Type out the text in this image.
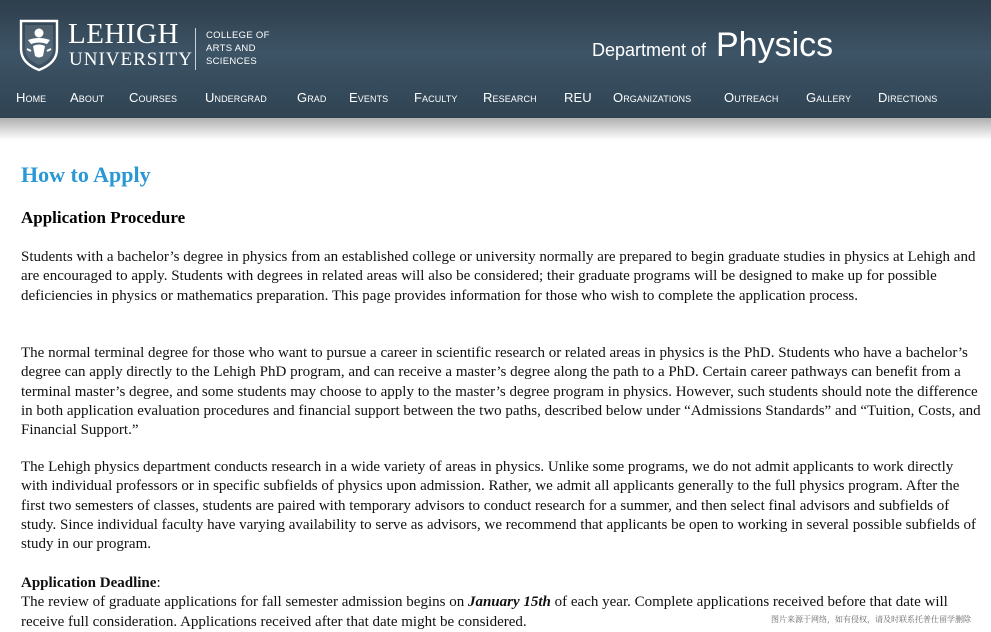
LEHIGH
UNIVERSITY
COLLEGE OF
ARTS AND
SCIENCES
Department of Physics
Home About Courses Undergrad Grad Events Faculty Research REU Organizations	Outreach Gallery Directions
How to Apply
Application Procedure
Students with a bachelor’s degree in physics from an established college or university normally are prepared to begin graduate studies in physics at Lehigh and are encouraged to apply. Students with degrees in related areas will also be considered; their graduate programs will be designed to make up for possible deficiencies in physics or mathematics preparation. This page provides information for those who wish to complete the application process.
The normal terminal degree for those who want to pursue a career in scientific research or related areas in physics is the PhD. Students who have a bachelor’s degree can apply directly to the Lehigh PhD program, and can receive a master’s degree along the path to a PhD. Certain career pathways can benefit from a terminal master’s degree, and some students may choose to apply to the master’s degree program in physics. However, such students should note the difference in both application evaluation procedures and financial support between the two paths, described below under “Admissions Standards” and “Tuition, Costs, and Financial Support.”
The Lehigh physics department conducts research in a wide variety of areas in physics. Unlike some programs, we do not admit applicants to work directly with individual professors or in specific subfields of physics upon admission. Rather, we admit all applicants generally to the full physics program. After the first two semesters of classes, students are paired with temporary advisors to conduct research for a summer, and then select final advisors and subfields of study. Since individual faculty have varying availability to serve as advisors, we recommend that applicants be open to working in several possible subfields of study in our program.
Application Deadline:
The review of graduate applications for fall semester admission begins on January 15th of each year. Complete applications received before that date will receive full consideration. Applications received after that date might be considered.	图片来源于网络，如有侵权，请及时联系托普仕留学删除
